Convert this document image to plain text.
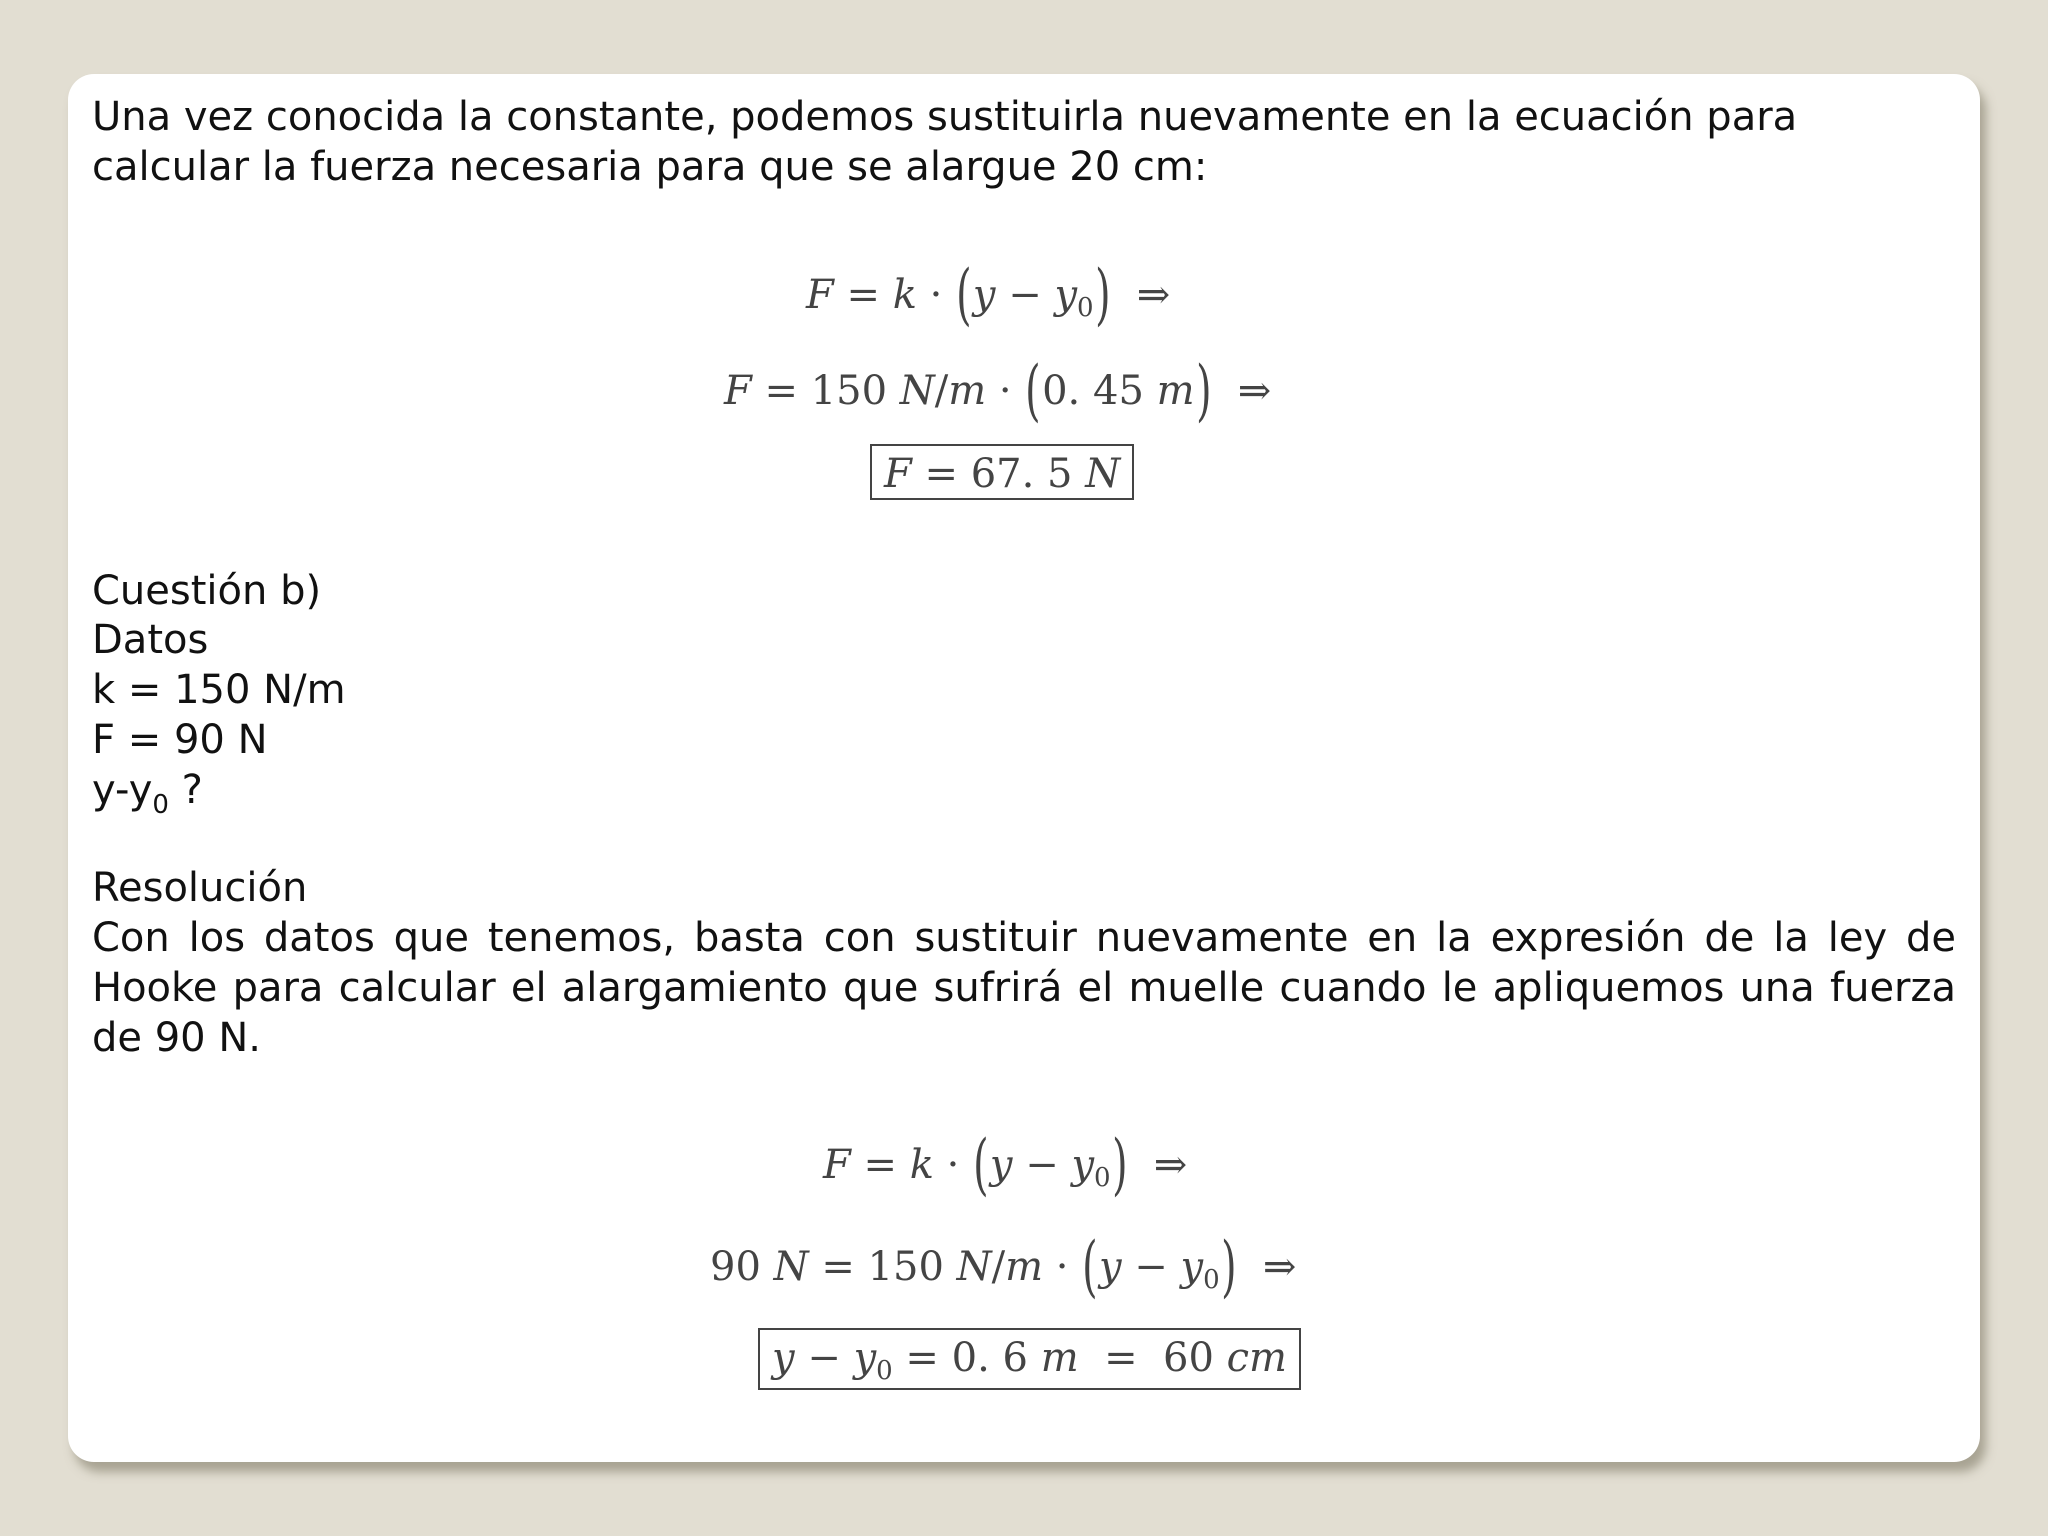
Una vez conocida la constante, podemos sustituirla nuevamente en la ecuación para
calcular la fuerza necesaria para que se alargue 20 cm:
$F = k \cdot (y - y_0)$  ⇒
F = 150 N/m · (0. 45 m)  ⇒
F = 67. 5 N
Cuestión b)
Datos
k = 150 N/m
F = 90 N
$y-y_0$ ?
Resolución
Con los datos que tenemos, basta con sustituir nuevamente en la expresión de la ley de Hooke para calcular el alargamiento que sufrirá el muelle cuando le apliquemos una fuerza de 90 N.
$F = k \cdot (y - y_0)$  ⇒
90 N = 150 $N/m \cdot (y - y_0)$  ⇒
$y - y_0 = 0$. 6 m  =  60 cm
